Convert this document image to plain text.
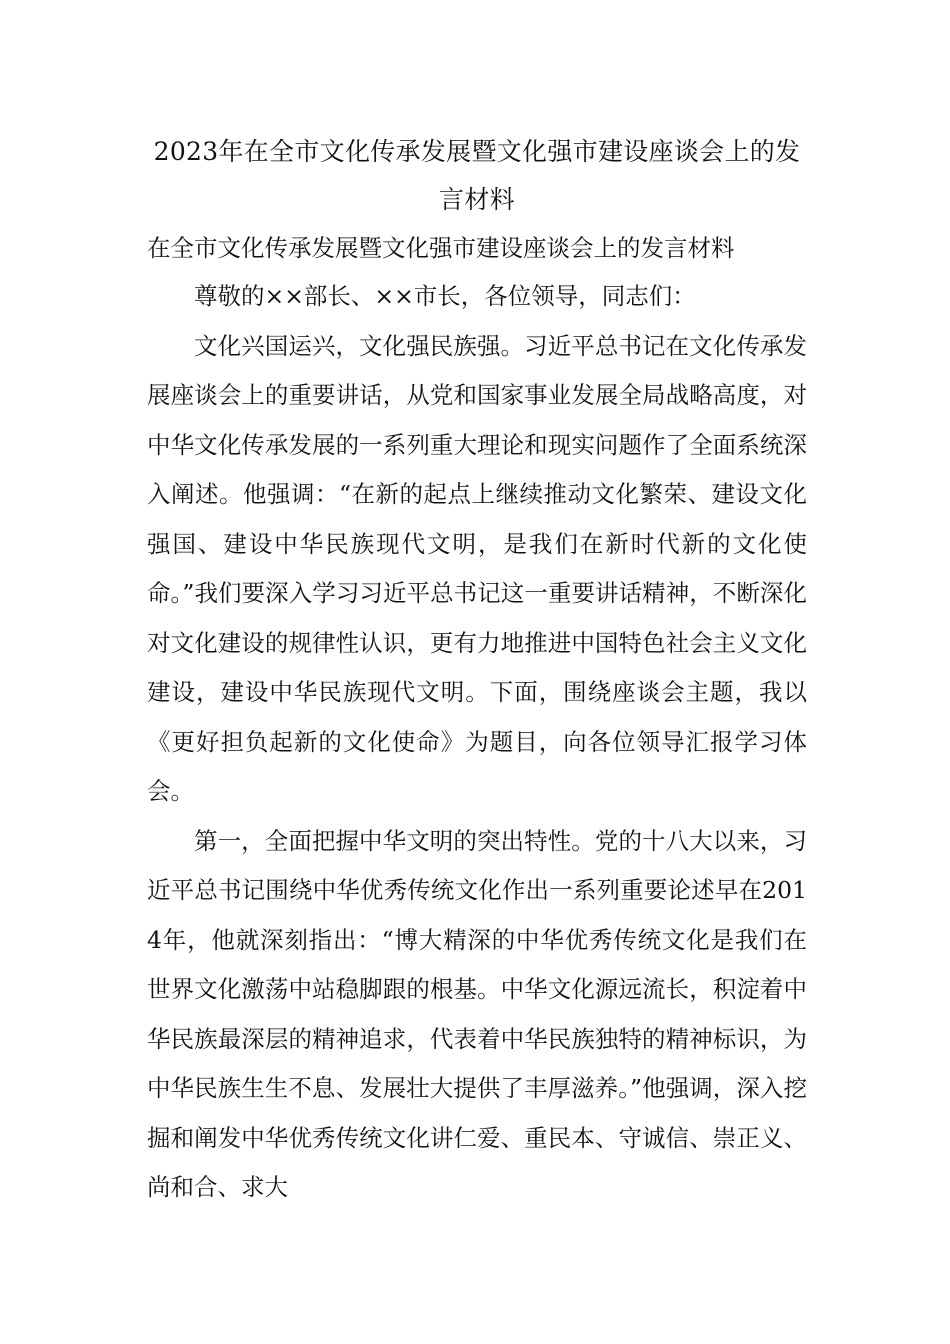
2023年在全市文化传承发展暨文化强市建设座谈会上的发言材料

在全市文化传承发展暨文化强市建设座谈会上的发言材料

尊敬的××部长、××市长，各位领导，同志们：

文化兴国运兴，文化强民族强。习近平总书记在文化传承发展座谈会上的重要讲话，从党和国家事业发展全局战略高度，对中华文化传承发展的一系列重大理论和现实问题作了全面系统深入阐述。他强调：“在新的起点上继续推动文化繁荣、建设文化强国、建设中华民族现代文明，是我们在新时代新的文化使命。”我们要深入学习习近平总书记这一重要讲话精神，不断深化对文化建设的规律性认识，更有力地推进中国特色社会主义文化建设，建设中华民族现代文明。下面，围绕座谈会主题，我以《更好担负起新的文化使命》为题目，向各位领导汇报学习体会。

第一，全面把握中华文明的突出特性。党的十八大以来，习近平总书记围绕中华优秀传统文化作出一系列重要论述早在2014年，他就深刻指出：“博大精深的中华优秀传统文化是我们在世界文化激荡中站稳脚跟的根基。中华文化源远流长，积淀着中华民族最深层的精神追求，代表着中华民族独特的精神标识，为中华民族生生不息、发展壮大提供了丰厚滋养。”他强调，深入挖掘和阐发中华优秀传统文化讲仁爱、重民本、守诚信、崇正义、尚和合、求大
